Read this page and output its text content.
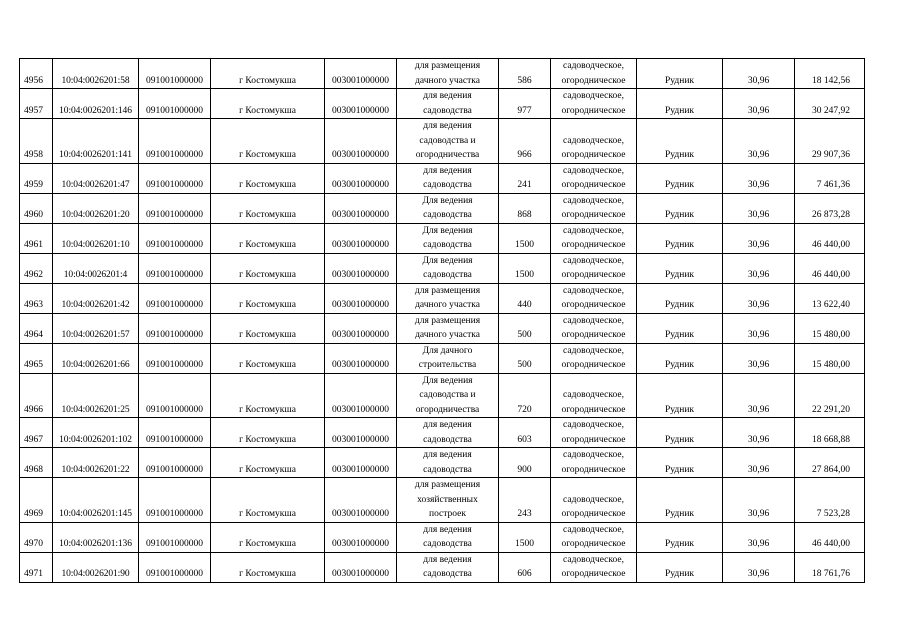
4956	10:04:0026201:58	091001000000	г Костомукша	003001000000	для размещения
дачного участка	586	садоводческое,
огородническое	Рудник	30,96	18 142,56
4957	10:04:0026201:146	091001000000	г Костомукша	003001000000	для ведения
садоводства	977	садоводческое,
огородническое	Рудник	30,96	30 247,92
4958	10:04:0026201:141	091001000000	г Костомукша	003001000000	для ведения
садоводства и
огородничества	966	садоводческое,
огородническое	Рудник	30,96	29 907,36
4959	10:04:0026201:47	091001000000	г Костомукша	003001000000	для ведения
садоводства	241	садоводческое,
огородническое	Рудник	30,96	7 461,36
4960	10:04:0026201:20	091001000000	г Костомукша	003001000000	Для ведения
садоводства	868	садоводческое,
огородническое	Рудник	30,96	26 873,28
4961	10:04:0026201:10	091001000000	г Костомукша	003001000000	Для ведения
садоводства	1500	садоводческое,
огородническое	Рудник	30,96	46 440,00
4962	10:04:0026201:4	091001000000	г Костомукша	003001000000	Для ведения
садоводства	1500	садоводческое,
огородническое	Рудник	30,96	46 440,00
4963	10:04:0026201:42	091001000000	г Костомукша	003001000000	для размещения
дачного участка	440	садоводческое,
огородническое	Рудник	30,96	13 622,40
4964	10:04:0026201:57	091001000000	г Костомукша	003001000000	для размещения
дачного участка	500	садоводческое,
огородническое	Рудник	30,96	15 480,00
4965	10:04:0026201:66	091001000000	г Костомукша	003001000000	Для дачного
строительства	500	садоводческое,
огородническое	Рудник	30,96	15 480,00
4966	10:04:0026201:25	091001000000	г Костомукша	003001000000	Для ведения
садоводства и
огородничества	720	садоводческое,
огородническое	Рудник	30,96	22 291,20
4967	10:04:0026201:102	091001000000	г Костомукша	003001000000	для ведения
садоводства	603	садоводческое,
огородническое	Рудник	30,96	18 668,88
4968	10:04:0026201:22	091001000000	г Костомукша	003001000000	для ведения
садоводства	900	садоводческое,
огородническое	Рудник	30,96	27 864,00
4969	10:04:0026201:145	091001000000	г Костомукша	003001000000	для размещения
хозяйственных
построек	243	садоводческое,
огородническое	Рудник	30,96	7 523,28
4970	10:04:0026201:136	091001000000	г Костомукша	003001000000	для ведения
садоводства	1500	садоводческое,
огородническое	Рудник	30,96	46 440,00
4971	10:04:0026201:90	091001000000	г Костомукша	003001000000	для ведения
садоводства	606	садоводческое,
огородническое	Рудник	30,96	18 761,76
